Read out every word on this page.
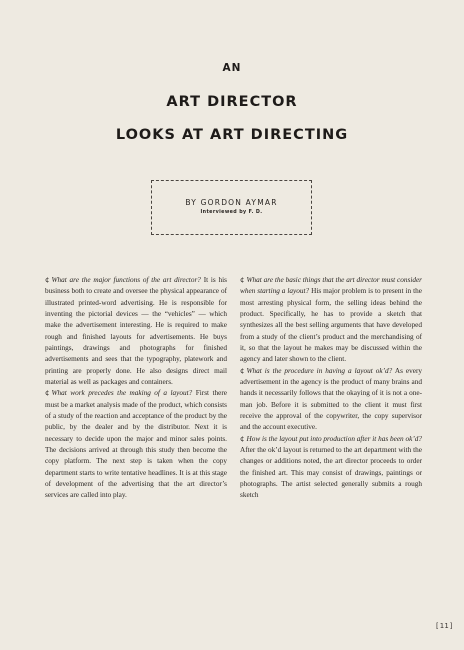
AN
ART DIRECTOR
LOOKS AT ART DIRECTING
BY GORDON AYMAR
Interviewed by F. D.

¢ What are the major functions of the art director? It is his business both to create and oversee the physical appearance of illustrated printed-word advertising. He is responsible for inventing the pictorial devices — the “vehicles” — which make the advertisement interesting. He is required to make rough and finished layouts for advertisements. He buys paintings, drawings and photographs for finished advertisements and sees that the typography, platework and printing are properly done. He also designs direct mail material as well as packages and containers.

¢ What work precedes the making of a layout? First there must be a market analysis made of the product, which consists of a study of the reaction and acceptance of the product by the public, by the dealer and by the distributor. Next it is necessary to decide upon the major and minor sales points. The decisions arrived at through this study then become the copy platform. The next step is taken when the copy department starts to write tentative headlines. It is at this stage of development of the advertising that the art director’s services are called into play.

¢ What are the basic things that the art director must consider when starting a layout? His major problem is to present in the most arresting physical form, the selling ideas behind the product. Specifically, he has to provide a sketch that synthesizes all the best selling arguments that have developed from a study of the client’s product and the merchandising of it, so that the layout he makes may be discussed within the agency and later shown to the client.

¢ What is the procedure in having a layout ok’d? As every advertisement in the agency is the product of many brains and hands it necessarily follows that the okaying of it is not a one-man job. Before it is submitted to the client it must first receive the approval of the copywriter, the copy supervisor and the account executive.

¢ How is the layout put into production after it has been ok’d? After the ok’d layout is returned to the art department with the changes or additions noted, the art director proceeds to order the finished art. This may consist of drawings, paintings or photographs. The artist selected generally submits a rough sketch

[11]
